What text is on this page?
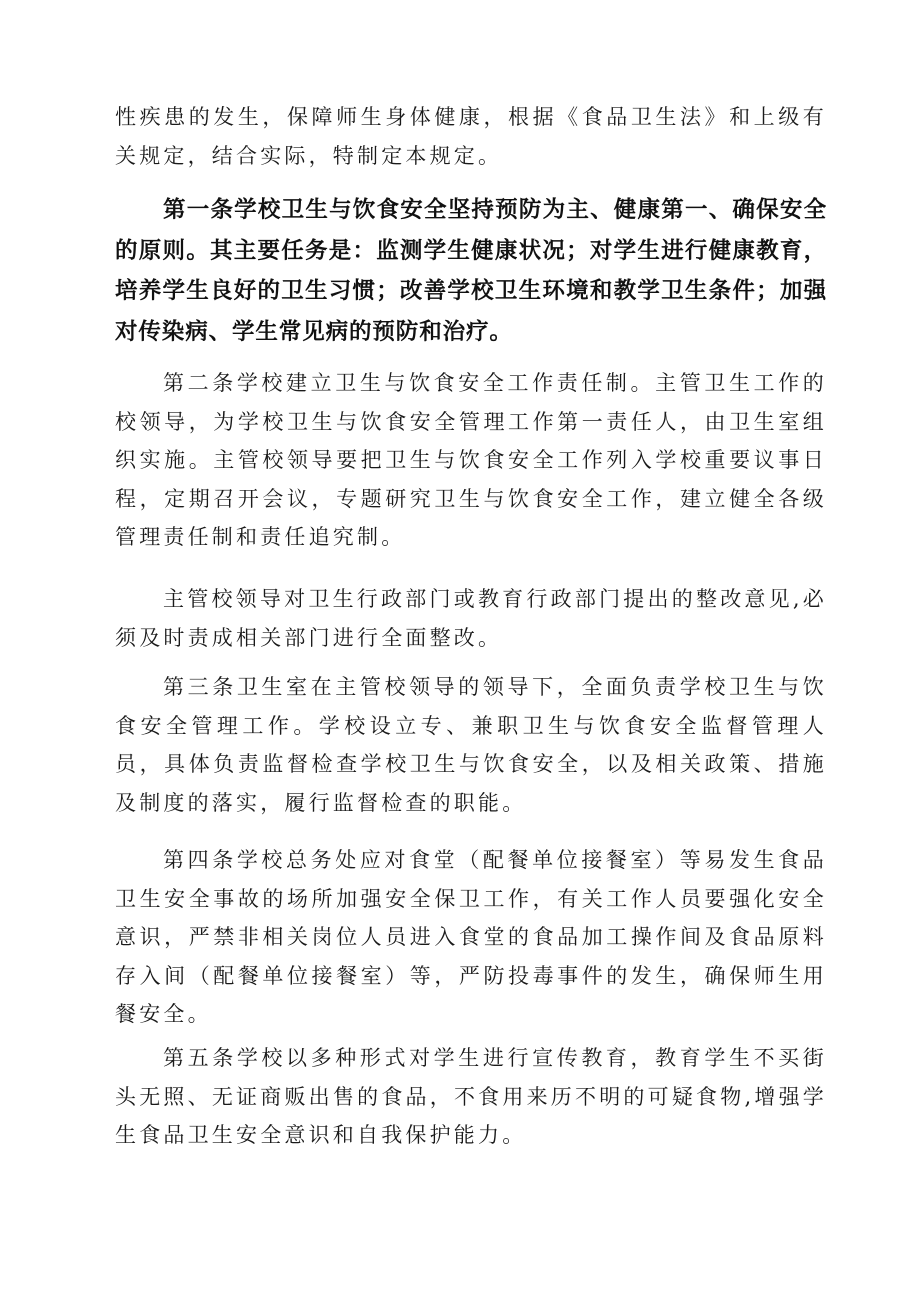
性疾患的发生，保障师生身体健康，根据《食品卫生法》和上级有关规定，结合实际，特制定本规定。

第一条学校卫生与饮食安全坚持预防为主、健康第一、确保安全的原则。其主要任务是：监测学生健康状况；对学生进行健康教育，培养学生良好的卫生习惯；改善学校卫生环境和教学卫生条件；加强对传染病、学生常见病的预防和治疗。

第二条学校建立卫生与饮食安全工作责任制。主管卫生工作的校领导，为学校卫生与饮食安全管理工作第一责任人，由卫生室组织实施。主管校领导要把卫生与饮食安全工作列入学校重要议事日程，定期召开会议，专题研究卫生与饮食安全工作，建立健全各级管理责任制和责任追究制。

主管校领导对卫生行政部门或教育行政部门提出的整改意见,必须及时责成相关部门进行全面整改。

第三条卫生室在主管校领导的领导下，全面负责学校卫生与饮食安全管理工作。学校设立专、兼职卫生与饮食安全监督管理人员，具体负责监督检查学校卫生与饮食安全，以及相关政策、措施及制度的落实，履行监督检查的职能。

第四条学校总务处应对食堂（配餐单位接餐室）等易发生食品卫生安全事故的场所加强安全保卫工作，有关工作人员要强化安全意识，严禁非相关岗位人员进入食堂的食品加工操作间及食品原料存入间（配餐单位接餐室）等，严防投毒事件的发生，确保师生用餐安全。

第五条学校以多种形式对学生进行宣传教育，教育学生不买街头无照、无证商贩出售的食品，不食用来历不明的可疑食物,增强学生食品卫生安全意识和自我保护能力。
